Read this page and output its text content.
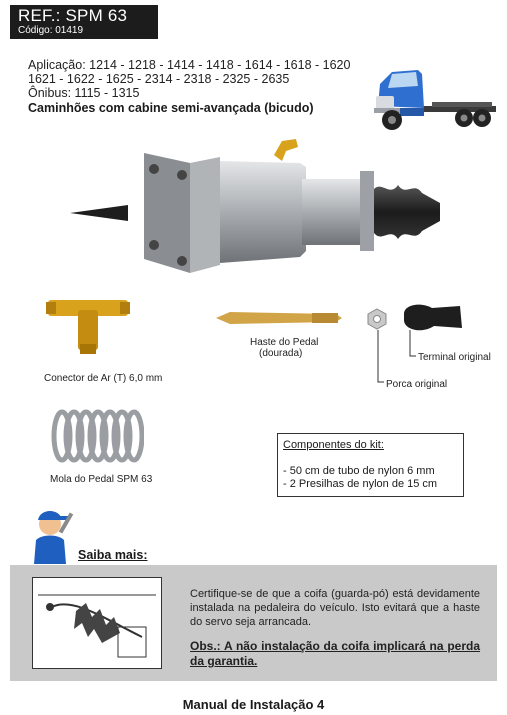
REF.: SPM 63
Código: 01419
Aplicação: 1214 - 1218 - 1414 - 1418 - 1614 - 1618 - 1620
1621 - 1622 - 1625 - 2314 - 2318 - 2325 - 2635
Ônibus: 1115 - 1315
Caminhões com cabine semi-avançada (bicudo)
Conector de Ar (T) 6,0 mm
Haste do Pedal
(dourada)	Terminal original
Porca original
Mola do Pedal SPM 63
Componentes do kit:
- 50 cm de tubo de nylon 6 mm
- 2 Presilhas de nylon de 15 cm
Saiba mais:
Certifique-se de que a coifa (guarda-pó) está devidamente instalada na pedaleira do veículo. Isto evitará que a haste do servo seja arrancada.
Obs.: A não instalação da coifa implicará na perda da garantia.
Manual de Instalação 4
